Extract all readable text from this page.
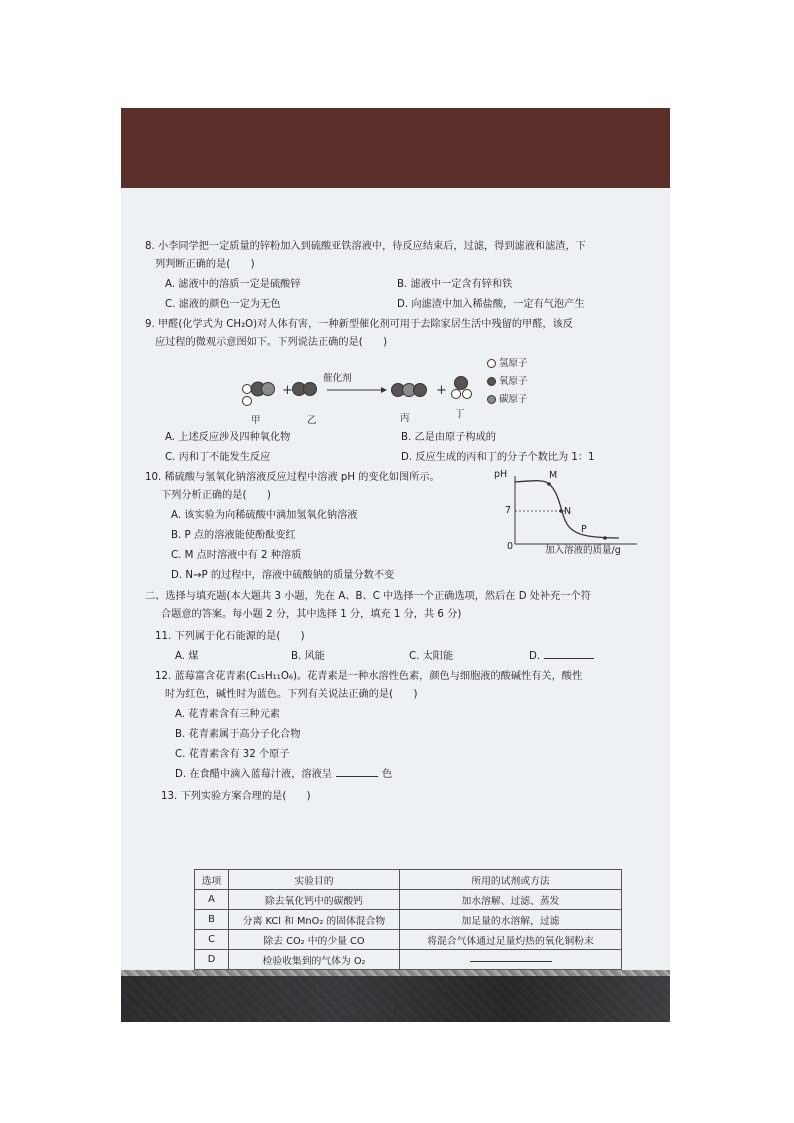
8. 小李同学把一定质量的锌粉加入到硫酸亚铁溶液中，待反应结束后，过滤，得到滤液和滤渣，下
列判断正确的是(　　)
A. 滤液中的溶质一定是硫酸锌	B. 滤液中一定含有锌和铁
C. 滤液的颜色一定为无色	D. 向滤渣中加入稀盐酸，一定有气泡产生
9. 甲醛(化学式为 CH₂O)对人体有害，一种新型催化剂可用于去除家居生活中残留的甲醛，该反
应过程的微观示意图如下。下列说法正确的是(　　)
+	+
催化剂
甲	乙	丙	丁
氢原子
氧原子
碳原子
A. 上述反应涉及四种氧化物	B. 乙是由原子构成的
C. 丙和丁不能发生反应	D. 反应生成的丙和丁的分子个数比为 1：1
10. 稀硫酸与氢氧化钠溶液反应过程中溶液 pH 的变化如图所示。
下列分析正确的是(　　)
A. 该实验为向稀硫酸中滴加氢氧化钠溶液
B. P 点的溶液能使酚酞变红
C. M 点时溶液中有 2 种溶质
D. N→P 的过程中，溶液中硫酸钠的质量分数不变
pH
7
0
M
N
P
加入溶液的质量/g
二、选择与填充题(本大题共 3 小题，先在 A、B、C 中选择一个正确选项，然后在 D 处补充一个符
合题意的答案。每小题 2 分，其中选择 1 分，填充 1 分，共 6 分)
11. 下列属于化石能源的是(　　)
A. 煤	B. 风能	C. 太阳能	D.
12. 蓝莓富含花青素(C₁₅H₁₁O₆)。花青素是一种水溶性色素，颜色与细胞液的酸碱性有关，酸性
时为红色，碱性时为蓝色。下列有关说法正确的是(　　)
A. 花青素含有三种元素
B. 花青素属于高分子化合物
C. 花青素含有 32 个原子
D. 在食醋中滴入蓝莓汁液，溶液呈	色
13. 下列实验方案合理的是(　　)
选项	实验目的	所用的试剂或方法
A	除去氧化钙中的碳酸钙	加水溶解、过滤、蒸发
B	分离 KCl 和 MnO₂ 的固体混合物	加足量的水溶解，过滤
C	除去 CO₂ 中的少量 CO	将混合气体通过足量灼热的氧化铜粉末
D	检验收集到的气体为 O₂	
